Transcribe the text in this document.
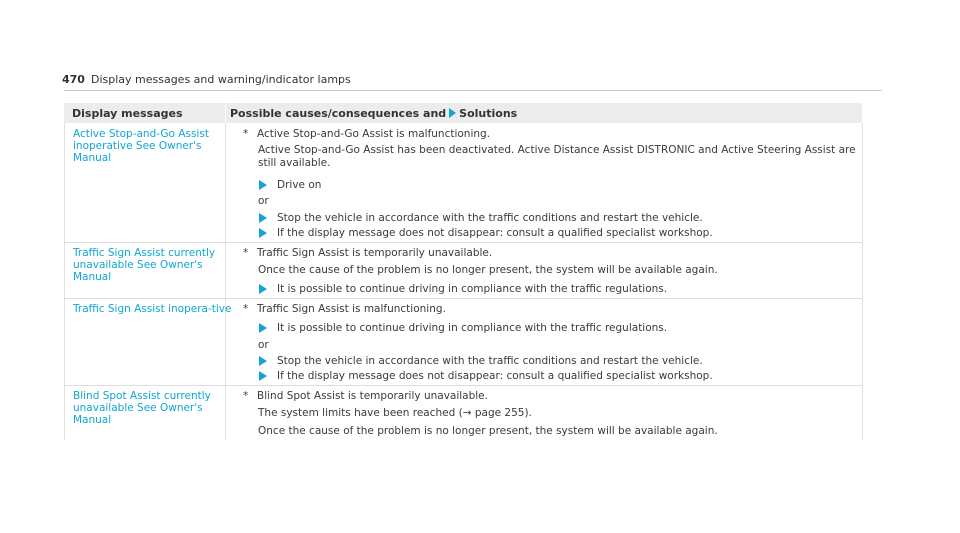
470 Display messages and warning/indicator lamps
Display messages	Possible causes/consequences and Solutions
Active Stop-and-Go Assist inoperative See Owner's Manual
* Active Stop-and-Go Assist is malfunctioning.
Active Stop-and-Go Assist has been deactivated. Active Distance Assist DISTRONIC and Active Steering Assist are still available.
Drive on
or
Stop the vehicle in accordance with the traffic conditions and restart the vehicle.
If the display message does not disappear: consult a qualified specialist workshop.
Traffic Sign Assist currently unavailable See Owner's Manual
* Traffic Sign Assist is temporarily unavailable.
Once the cause of the problem is no longer present, the system will be available again.
It is possible to continue driving in compliance with the traffic regulations.
Traffic Sign Assist inopera-tive * Traffic Sign Assist is malfunctioning.
It is possible to continue driving in compliance with the traffic regulations.
or
Stop the vehicle in accordance with the traffic conditions and restart the vehicle.
If the display message does not disappear: consult a qualified specialist workshop.
Blind Spot Assist currently unavailable See Owner's Manual
* Blind Spot Assist is temporarily unavailable.
The system limits have been reached (→ page 255).
Once the cause of the problem is no longer present, the system will be available again.
